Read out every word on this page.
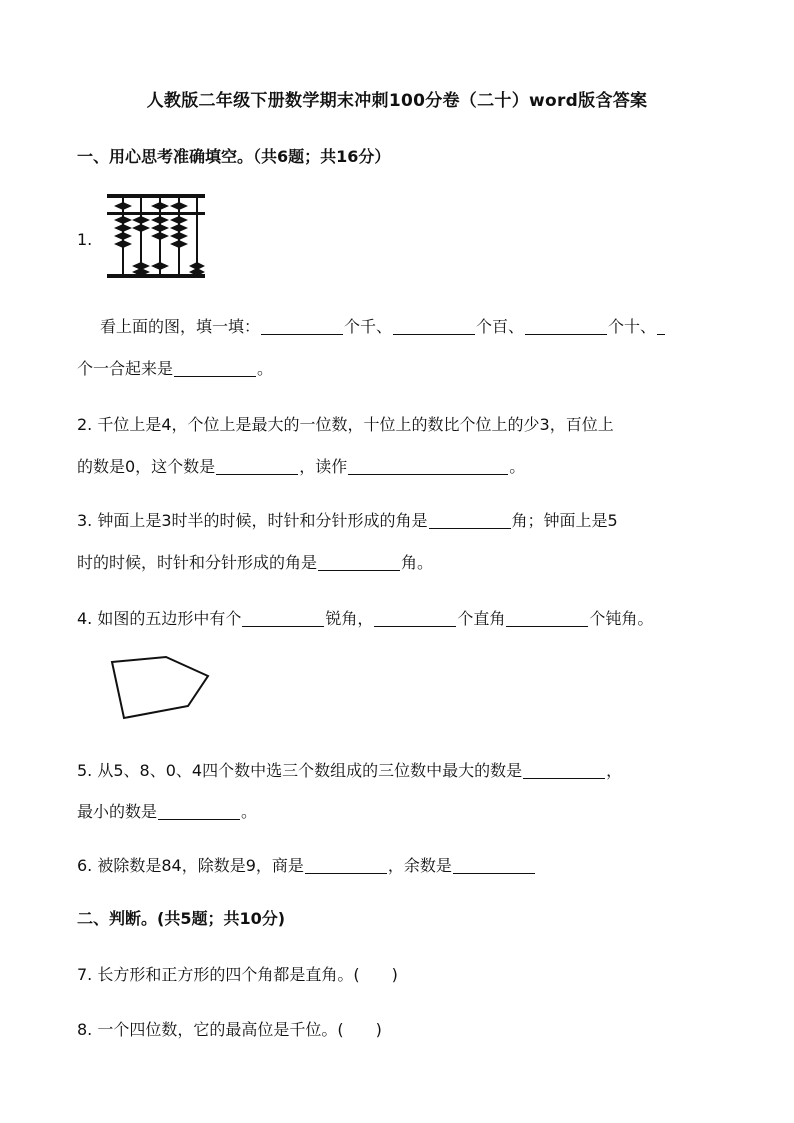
人教版二年级下册数学期末冲刺100分卷（二十）word版含答案
一、用心思考准确填空。（共6题；共16分）
1.
看上面的图，填一填：	个千、	个百、	个十、
个一合起来是	。
2. 千位上是4，个位上是最大的一位数，十位上的数比个位上的少3，百位上
的数是0，这个数是	，读作	。
3. 钟面上是3时半的时候，时针和分针形成的角是	角；钟面上是5
时的时候，时针和分针形成的角是	角。
4. 如图的五边形中有个	锐角，	个直角	个钝角。
5. 从5、8、0、4四个数中选三个数组成的三位数中最大的数是	，
最小的数是	。
6. 被除数是84，除数是9，商是	，余数是
二、判断。(共5题；共10分)
7. 长方形和正方形的四个角都是直角。(　　)
8. 一个四位数，它的最高位是千位。(　　)
